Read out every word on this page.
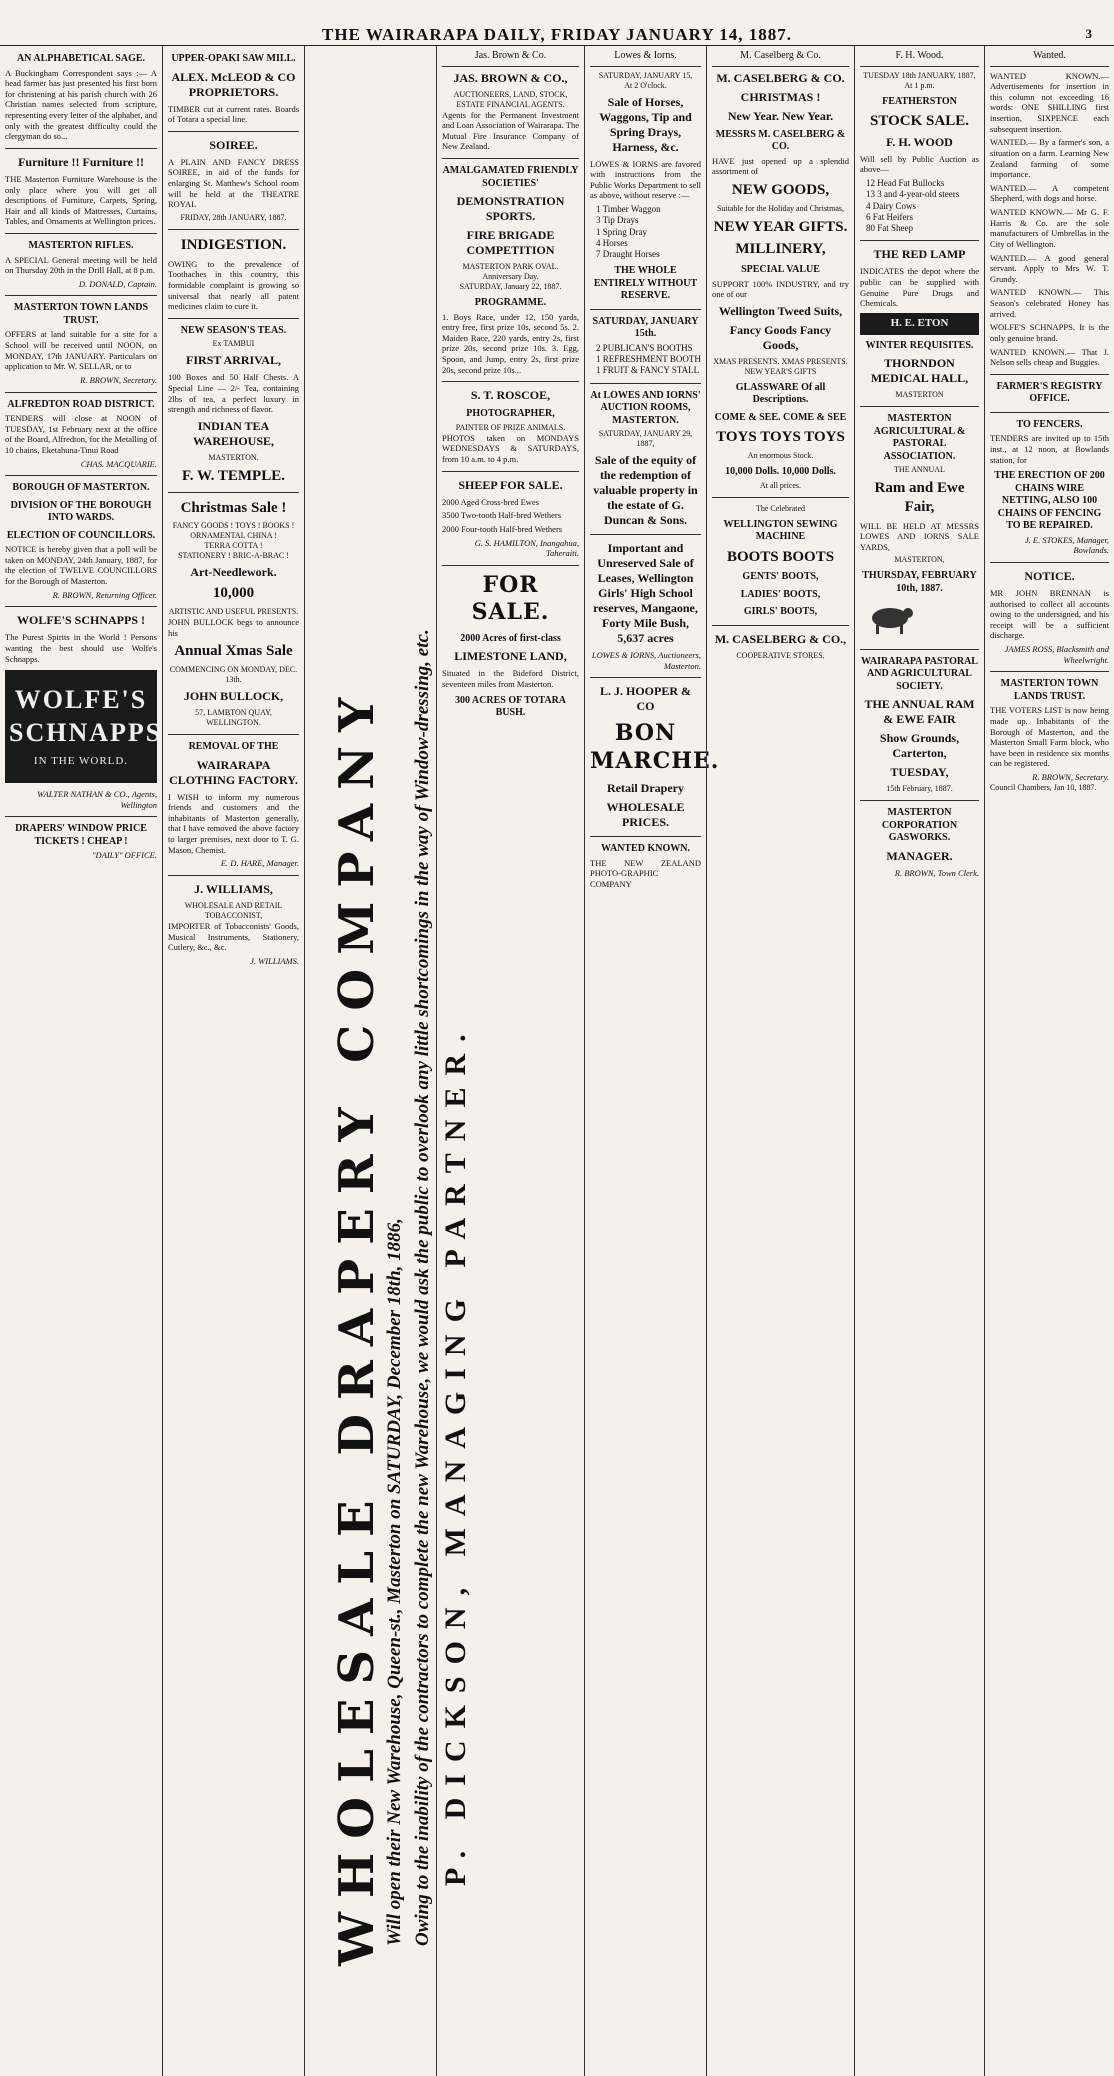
THE WAIRARAPA DAILY, FRIDAY JANUARY 14, 1887.	3
AN ALPHABETICAL SAGE.
A Buckingham Correspondent says :— A head farmer has just presented his first born for christening at his parish church with 26 Christian names selected from scripture, representing every letter of the alphabet, and only with the greatest difficulty could the clergyman do so...
Furniture !! Furniture !!
THE Masterton Furniture Warehouse is the only place where you will get all descriptions of Furniture, Carpets, Spring, Hair and all kinds of Mattresses, Curtains, Tables, and Ornaments at Wellington prices.
MASTERTON RIFLES.
A SPECIAL General meeting will be held on Thursday 20th in the Drill Hall, at 8 p.m.
D. DONALD, Captain.
MASTERTON TOWN LANDS TRUST.
OFFERS at land suitable for a site for a School will be received until NOON, on MONDAY, 17th JANUARY. Particulars on application to Mr. W. SELLAR, or to
R. BROWN, Secretary.
ALFREDTON ROAD DISTRICT.
TENDERS will close at NOON of TUESDAY, 1st February next at the office of the Board, Alfredton, for the Metalling of 10 chains, Eketahuna-Tinui Road
CHAS. MACQUARIE.
BOROUGH OF MASTERTON.
DIVISION OF THE BOROUGH INTO WARDS.
ELECTION OF COUNCILLORS.
NOTICE is hereby given that a poll will be taken on MONDAY, 24th January, 1887, for the election of TWELVE COUNCILLORS for the Borough of Masterton.
R. BROWN, Returning Officer.
WOLFE'S SCHNAPPS !
The Purest Spirits in the World ! Persons wanting the best should use Wolfe's Schnapps.
WOLFE'S SCHNAPPS
IN THE WORLD.
WALTER NATHAN & CO., Agents, Wellington
DRAPERS' WINDOW PRICE TICKETS ! CHEAP !
"DAILY" OFFICE.
UPPER-OPAKI SAW MILL.
ALEX. McLEOD & CO PROPRIETORS.
TIMBER cut at current rates. Boards of Totara a special line.
SOIREE.
A PLAIN AND FANCY DRESS SOIREE, in aid of the funds for enlarging St. Matthew's School room will be held at the THEATRE ROYAL
FRIDAY, 28th JANUARY, 1887.
INDIGESTION.
OWING to the prevalence of Toothaches in this country, this formidable complaint is growing so universal that nearly all patent medicines claim to cure it.
NEW SEASON'S TEAS.
Ex TAMBUI
FIRST ARRIVAL,
100 Boxes and 50 Half Chests. A Special Line — 2/- Tea, containing 2lbs of tea, a perfect luxury in strength and richness of flavor.
INDIAN TEA WAREHOUSE,
MASTERTON.
F. W. TEMPLE.
Christmas Sale !
FANCY GOODS ! TOYS ! BOOKS !
ORNAMENTAL CHINA !
TERRA COTTA !
STATIONERY ! BRIC-A-BRAC !
Art-Needlework.
10,000
ARTISTIC AND USEFUL PRESENTS.
JOHN BULLOCK begs to announce his
Annual Xmas Sale
COMMENCING ON MONDAY, DEC. 13th.
JOHN BULLOCK,
57, LAMBTON QUAY,
WELLINGTON.
REMOVAL OF THE
WAIRARAPA CLOTHING FACTORY.
I WISH to inform my numerous friends and customers and the inhabitants of Masterton generally, that I have removed the above factory to larger premises, next door to T. G. Mason, Chemist.
E. D. HARE, Manager.
J. WILLIAMS,
WHOLESALE AND RETAIL TOBACCONIST,
IMPORTER of Tobacconists' Goods, Musical Instruments, Stationery, Cutlery, &c., &c.
J. WILLIAMS. WHOLESALE DRAPERY COMPANY Will open their New Warehouse, Queen-st., Masterton on SATURDAY, December 18th, 1886, Owing to the inability of the contractors to complete the new Warehouse, we would ask the public to overlook any little shortcomings in the way of Window-dressing, etc. P. DICKSON, MANAGING PARTNER.
Jas. Brown & Co.
JAS. BROWN & CO.,
AUCTIONEERS, LAND, STOCK, ESTATE FINANCIAL AGENTS.
Agents for the Permanent Investment and Loan Association of Wairarapa. The Mutual Fire Insurance Company of New Zealand.
AMALGAMATED FRIENDLY SOCIETIES'
DEMONSTRATION SPORTS.
FIRE BRIGADE COMPETITION
MASTERTON PARK OVAL. Anniversary Day.
SATURDAY, January 22, 1887.
PROGRAMME.
1. Boys Race, under 12, 150 yards, entry free, first prize 10s, second 5s. 2. Maiden Race, 220 yards, entry 2s, first prize 20s, second prize 10s. 3. Egg, Spoon, and Jump, entry 2s, first prize 20s, second prize 10s...
S. T. ROSCOE,
PHOTOGRAPHER,
PAINTER OF PRIZE ANIMALS.
PHOTOS taken on MONDAYS WEDNESDAYS & SATURDAYS, from 10 a.m. to 4 p.m.
SHEEP FOR SALE.
2000 Aged Cross-bred Ewes
3500 Two-tooth Half-bred Wethers
2000 Four-tooth Half-bred Wethers
G. S. HAMILTON, Inangahua, Taheraiti.
FOR SALE.
2000 Acres of first-class
LIMESTONE LAND,
Situated in the Bideford District, seventeen miles from Masterton.
300 ACRES OF TOTARA BUSH.
Lowes & Iorns.
SATURDAY, JANUARY 15,
At 2 O'clock.
Sale of Horses, Waggons, Tip and Spring Drays, Harness, &c.
LOWES & IORNS are favored with instructions from the Public Works Department to sell as above, without reserve :—
1 Timber Waggon
3 Tip Drays
1 Spring Dray
4 Horses
7 Draught Horses
THE WHOLE ENTIRELY WITHOUT RESERVE.
SATURDAY, JANUARY 15th.
2 PUBLICAN'S BOOTHS
1 REFRESHMENT BOOTH
1 FRUIT & FANCY STALL
At LOWES AND IORNS' AUCTION ROOMS, MASTERTON.
SATURDAY, JANUARY 29, 1887,
Sale of the equity of the redemption of valuable property in the estate of G. Duncan & Sons.
Important and Unreserved Sale of Leases, Wellington Girls' High School reserves, Mangaone, Forty Mile Bush, 5,637 acres
LOWES & IORNS, Auctioneers, Masterton.
L. J. HOOPER & CO
BON MARCHE.
Retail Drapery
WHOLESALE PRICES.
WANTED KNOWN.
THE NEW ZEALAND PHOTO-GRAPHIC COMPANY
M. Caselberg & Co.
M. CASELBERG & CO.
CHRISTMAS !
New Year. New Year.
MESSRS M. CASELBERG & CO.
HAVE just opened up a splendid assortment of
NEW GOODS,
Suitable for the Holiday and Christmas,
NEW YEAR GIFTS.
MILLINERY,
SPECIAL VALUE
SUPPORT 100% INDUSTRY, and try one of our
Wellington Tweed Suits,
Fancy Goods Fancy Goods,
XMAS PRESENTS. XMAS PRESENTS. NEW YEAR'S GIFTS
GLASSWARE Of all Descriptions.
COME & SEE. COME & SEE
TOYS TOYS TOYS
An enormous Stock.
10,000 Dolls. 10,000 Dolls.
At all prices.
The Celebrated
WELLINGTON SEWING MACHINE
BOOTS BOOTS
GENTS' BOOTS,
LADIES' BOOTS,
GIRLS' BOOTS,
M. CASELBERG & CO.,
COOPERATIVE STORES.
F. H. Wood.
TUESDAY 18th JANUARY, 1887,
At 1 p.m.
FEATHERSTON
STOCK SALE.
F. H. WOOD
Will sell by Public Auction as above—
12 Head Fat Bullocks
13 3 and 4-year-old steers
4 Dairy Cows
6 Fat Heifers
80 Fat Sheep
THE RED LAMP
INDICATES the depot where the public can be supplied with Genuine Pure Drugs and Chemicals.
H. E. ETON
WINTER REQUISITES.
THORNDON MEDICAL HALL,
MASTERTON
MASTERTON AGRICULTURAL & PASTORAL ASSOCIATION.
THE ANNUAL
Ram and Ewe Fair,
WILL BE HELD AT MESSRS LOWES AND IORNS SALE YARDS,
MASTERTON,
THURSDAY, FEBRUARY 10th, 1887.
WAIRARAPA PASTORAL AND AGRICULTURAL SOCIETY.
THE ANNUAL RAM & EWE FAIR
Show Grounds, Carterton,
TUESDAY,
15th February, 1887.
MASTERTON CORPORATION GASWORKS.
MANAGER.
R. BROWN, Town Clerk.
Wanted.
WANTED KNOWN.— Advertisements for insertion in this column not exceeding 16 words: ONE SHILLING first insertion, SIXPENCE each subsequent insertion.
WANTED.— By a farmer's son, a situation on a farm. Learning New Zealand farming of some importance.
WANTED.— A competent Shepherd, with dogs and horse.
WANTED KNOWN.— Mr G. F. Harris & Co. are the sole manufacturers of Umbrellas in the City of Wellington.
WANTED.— A good general servant. Apply to Mrs W. T. Grundy.
WANTED KNOWN.— This Season's celebrated Honey has arrived.
WOLFE'S SCHNAPPS. It is the only genuine brand.
WANTED KNOWN.— That J. Nelson sells cheap and Buggies.
FARMER'S REGISTRY OFFICE.
TO FENCERS.
TENDERS are invited up to 15th inst., at 12 noon, at Bowlands station, for
THE ERECTION OF 200 CHAINS WIRE NETTING, ALSO 100 CHAINS OF FENCING TO BE REPAIRED.
J. E. STOKES, Manager, Bowlands.
NOTICE.
MR JOHN BRENNAN is authorised to collect all accounts owing to the undersigned, and his receipt will be a sufficient discharge.
JAMES ROSS, Blacksmith and Wheelwright.
MASTERTON TOWN LANDS TRUST.
THE VOTERS LIST is now being made up. Inhabitants of the Borough of Masterton, and the Masterton Small Farm block, who have been in residence six months can be registered.
R. BROWN, Secretary.
Council Chambers, Jan 10, 1887.
